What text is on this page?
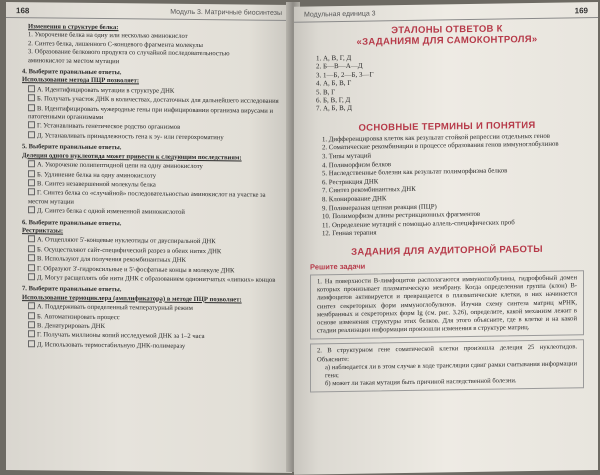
168	Модуль 3. Матричные биосинтезы
Изменения в структуре белка:
1. Укорочение белка на одну или несколько аминокислот
2. Синтез белка, лишенного С-концевого фрагмента молекулы
3. Образование белкового продукта со случайной последовательностью
аминокислот за местом мутации
4. Выберите правильные ответы.
Использование метода ПЦР позволяет:
А. Идентифицировать мутации в структуре ДНК
Б. Получать участок ДНК в количествах, достаточных для дальнейшего исследования
В. Идентифицировать чужеродные гены при инфицировании организма вирусами и патогенными организмами
Г. Устанавливать генетическое родство организмов
Д. Устанавливать принадлежность гена к эу- или гетерохроматину
5. Выберите правильные ответы.
Делеция одного нуклеотида может привести к следующим последствиям:
А. Укорочение полипептидной цепи на одну аминокислоту
Б. Удлинение белка на одну аминокислоту
В. Синтез незавершенной молекулы белка
Г. Синтез белка со «случайной» последовательностью аминокислот на участке за местом мутации
Д. Синтез белка с одной измененной аминокислотой
6. Выберите правильные ответы.
Рестриктазы:
А. Отщепляют 5'-концевые нуклеотиды от двуспиральной ДНК
Б. Осуществляют сайт-специфический разрез в обеих нитях ДНК
В. Используют для получения рекомбинантных ДНК
Г. Образуют 3'-гидроксильные и 5'-фосфатные концы в молекуле ДНК
Д. Могут расщеплять обе нити ДНК с образованием однонитчатых «липких» концов
7. Выберите правильные ответы.
Использование термоциклера (амплификатора) в методе ПЦР позволяет:
А. Поддерживать определенный температурный режим
Б. Автоматизировать процесс
В. Денатурировать ДНК
Г. Получать миллионы копий исследуемой ДНК за 1–2 часа
Д. Использовать термостабильную ДНК-полимеразу
Модульная единица 3	169
ЭТАЛОНЫ ОТВЕТОВ К
«ЗАДАНИЯМ ДЛЯ САМОКОНТРОЛЯ»
1. А, В, Г, Д
2. Б—В—А—Д
3. 1—Б, 2—Б, 3—Г
4. А, Б, В, Г
5. В, Г
6. Б, В, Г, Д
7. А, Б, В, Д
ОСНОВНЫЕ ТЕРМИНЫ И ПОНЯТИЯ
1. Дифференцировка клеток как результат стойкой репрессии отдельных генов
2. Соматические рекомбинации в процессе образования генов иммуноглобулинов
3. Типы мутаций
4. Полиморфизм белков
5. Наследственные болезни как результат полиморфизма белков
6. Рестрикция ДНК
7. Синтез рекомбинантных ДНК
8. Клонирование ДНК
9. Полимеразная цепная реакция (ПЦР)
10. Полиморфизм длины рестрикционных фрагментов
11. Определение мутаций с помощью аллель-специфических проб
12. Генная терапия
ЗАДАНИЯ ДЛЯ АУДИТОРНОЙ РАБОТЫ
Решите задачи
1. На поверхности В-лимфоцитов располагаются иммуноглобулины, гидрофобный домен которых пронизывает плазматическую мембрану. Когда определенная группа (клон) В-лимфоцитов активируется и превращается в плазматические клетки, в них начинается синтез секреторных форм иммуноглобулинов. Изучив схему синтеза матриц мРНК, мембранных и секреторных форм Ig (см. рис. 3.26), определите, какой механизм лежит в основе изменения структуры этих белков. Для этого объясните, где в клетке и на какой стадии реализации информации произошли изменения в структуре матриц.
2. В структурном гене соматической клетки произошла делеция 25 нуклеотидов. Объясните:
а) наблюдается ли в этом случае в ходе трансляции сдвиг рамки считывания информации гена;
б) может ли такая мутация быть причиной наследственной болезни.
